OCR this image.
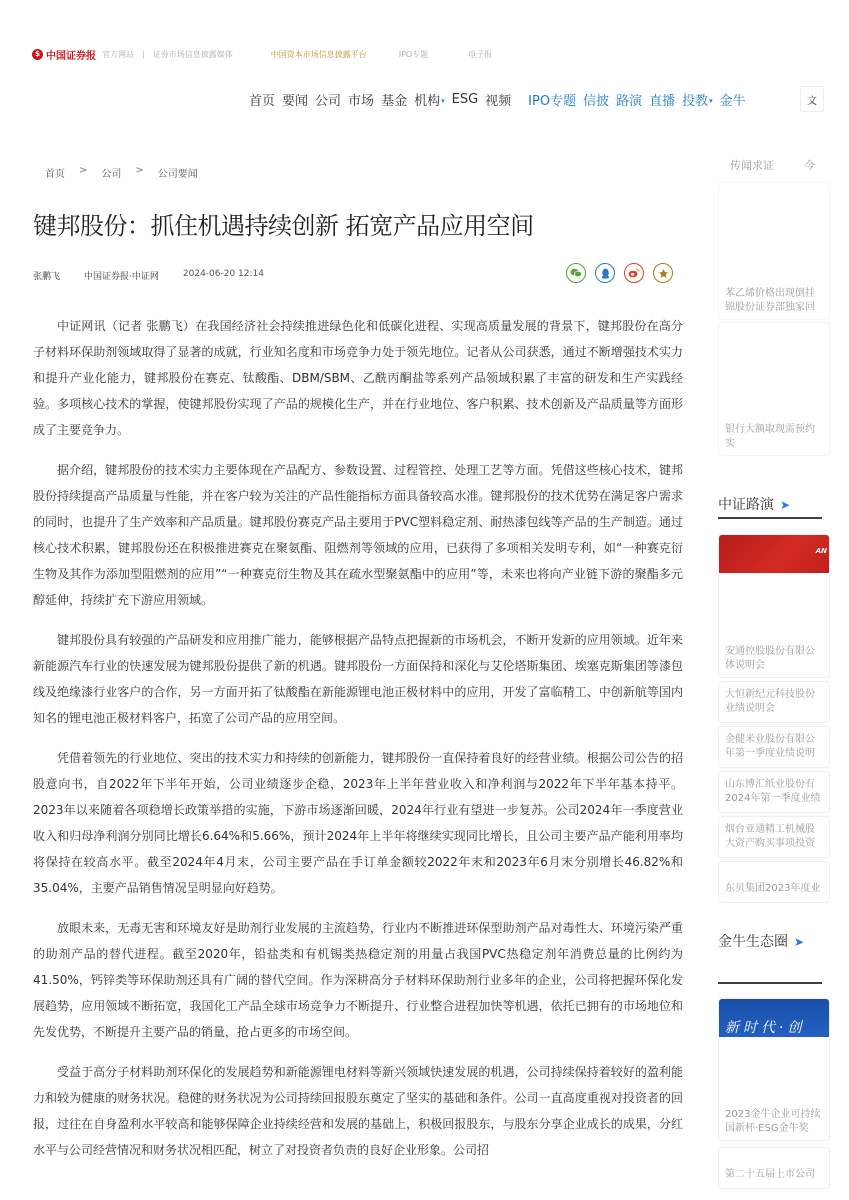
$ 中国证券报 官方网站 | 证券市场信息披露媒体	中国资本市场信息披露平台	IPO专题	电子报
首页 要闻 公司 市场 基金 机构▾ ESG 视频 IPO专题 信披 路演 直播 投教▾ 金牛	文
首页 > 公司 > 公司要闻
键邦股份：抓住机遇持续创新 拓宽产品应用空间
张鹏飞	中国证券报·中证网	2024-06-20 12:14

中证网讯（记者 张鹏飞）在我国经济社会持续推进绿色化和低碳化进程、实现高质量发展的背景下，键邦股份在高分子材料环保助剂领域取得了显著的成就，行业知名度和市场竞争力处于领先地位。记者从公司获悉，通过不断增强技术实力和提升产业化能力，键邦股份在赛克、钛酸酯、DBM/SBM、乙酰丙酮盐等系列产品领域积累了丰富的研发和生产实践经验。多项核心技术的掌握，使键邦股份实现了产品的规模化生产，并在行业地位、客户积累、技术创新及产品质量等方面形成了主要竞争力。

据介绍，键邦股份的技术实力主要体现在产品配方、参数设置、过程管控、处理工艺等方面。凭借这些核心技术，键邦股份持续提高产品质量与性能，并在客户较为关注的产品性能指标方面具备较高水准。键邦股份的技术优势在满足客户需求的同时，也提升了生产效率和产品质量。键邦股份赛克产品主要用于PVC塑料稳定剂、耐热漆包线等产品的生产制造。通过核心技术积累，键邦股份还在积极推进赛克在聚氨酯、阻燃剂等领域的应用，已获得了多项相关发明专利，如“一种赛克衍生物及其作为添加型阻燃剂的应用”“一种赛克衍生物及其在疏水型聚氨酯中的应用”等，未来也将向产业链下游的聚酯多元醇延伸，持续扩充下游应用领域。

键邦股份具有较强的产品研发和应用推广能力，能够根据产品特点把握新的市场机会，不断开发新的应用领域。近年来新能源汽车行业的快速发展为键邦股份提供了新的机遇。键邦股份一方面保持和深化与艾伦塔斯集团、埃塞克斯集团等漆包线及绝缘漆行业客户的合作，另一方面开拓了钛酸酯在新能源锂电池正极材料中的应用，开发了富临精工、中创新航等国内知名的锂电池正极材料客户，拓宽了公司产品的应用空间。

凭借着领先的行业地位、突出的技术实力和持续的创新能力，键邦股份一直保持着良好的经营业绩。根据公司公告的招股意向书，自2022年下半年开始，公司业绩逐步企稳，2023年上半年营业收入和净利润与2022年下半年基本持平。2023年以来随着各项稳增长政策举措的实施，下游市场逐渐回暖，2024年行业有望进一步复苏。公司2024年一季度营业收入和归母净利润分别同比增长6.64%和5.66%，预计2024年上半年将继续实现同比增长，且公司主要产品产能利用率均将保持在较高水平。截至2024年4月末，公司主要产品在手订单金额较2022年末和2023年6月末分别增长46.82%和35.04%，主要产品销售情况呈明显向好趋势。

放眼未来，无毒无害和环境友好是助剂行业发展的主流趋势，行业内不断推进环保型助剂产品对毒性大、环境污染严重的助剂产品的替代进程。截至2020年，铅盐类和有机锡类热稳定剂的用量占我国PVC热稳定剂年消费总量的比例约为41.50%，钙锌类等环保助剂还具有广阔的替代空间。作为深耕高分子材料环保助剂行业多年的企业，公司将把握环保化发展趋势，应用领域不断拓宽，我国化工产品全球市场竞争力不断提升、行业整合进程加快等机遇，依托已拥有的市场地位和先发优势，不断提升主要产品的销量，抢占更多的市场空间。

受益于高分子材料助剂环保化的发展趋势和新能源锂电材料等新兴领域快速发展的机遇，公司持续保持着较好的盈利能力和较为健康的财务状况。稳健的财务状况为公司持续回报股东奠定了坚实的基础和条件。公司一直高度重视对投资者的回报，过往在自身盈利水平较高和能够保障企业持续经营和发展的基础上，积极回报股东，与股东分享企业成长的成果，分红水平与公司经营情况和财务状况相匹配，树立了对投资者负责的良好企业形象。公司招

传闻求证	今
苯乙烯价格出现倒挂
锦股份证券部独家回
银行大额取现需预约
实
中证路演 ➤
AN
安通控股股份有限公
体说明会
大恒新纪元科技股份
业绩说明会
金健米业股份有限公
年第一季度业绩说明
山东博汇纸业股份有
2024年第一季度业绩
烟台亚通精工机械股
大资产购买事项投资
东贝集团2023年度业
金牛生态圈 ➤
新时代·创
2023金牛企业可持续
国新杯·ESG金牛奖
第二十五届上市公司
